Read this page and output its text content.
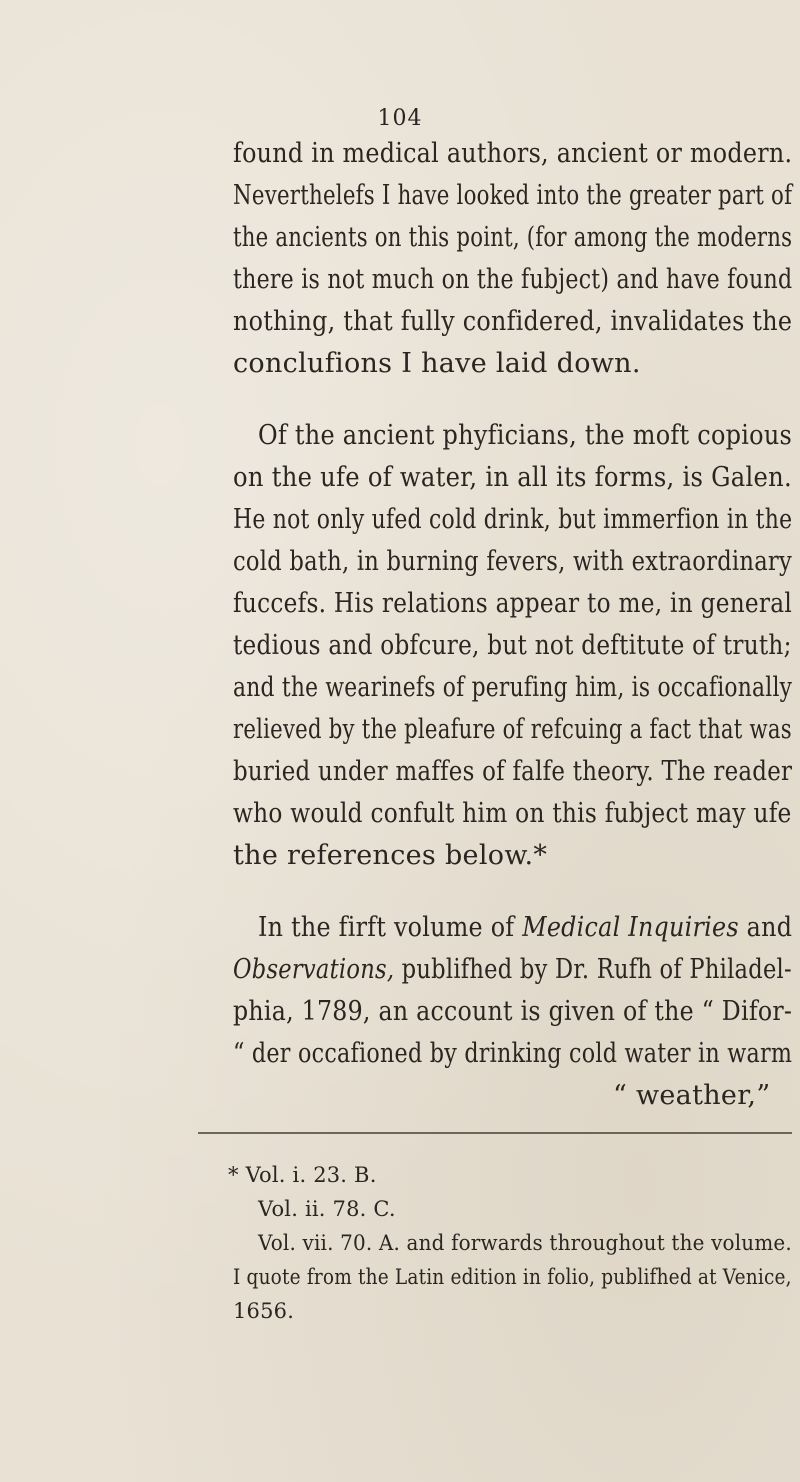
104
found in medical authors, ancient or modern.
Neverthelefs I have looked into the greater part of
the ancients on this point, (for among the moderns
there is not much on the fubject) and have found
nothing, that fully confidered, invalidates the
conclufions I have laid down.
Of the ancient phyficians, the moft copious
on the ufe of water, in all its forms, is Galen.
He not only ufed cold drink, but immerfion in the
cold bath, in burning fevers, with extraordinary
fuccefs. His relations appear to me, in general
tedious and obfcure, but not deftitute of truth;
and the wearinefs of perufing him, is occafionally
relieved by the pleafure of refcuing a fact that was
buried under maffes of falfe theory. The reader
who would confult him on this fubject may ufe
the references below.*
In the firft volume of Medical Inquiries and
Observations, publifhed by Dr. Rufh of Philadel-
phia, 1789, an account is given of the “ Difor-
“ der occafioned by drinking cold water in warm
“ weather,”
* Vol. i. 23. B.
Vol. ii. 78. C.
Vol. vii. 70. A. and forwards throughout the volume.
I quote from the Latin edition in folio, publifhed at Venice,
1656.
